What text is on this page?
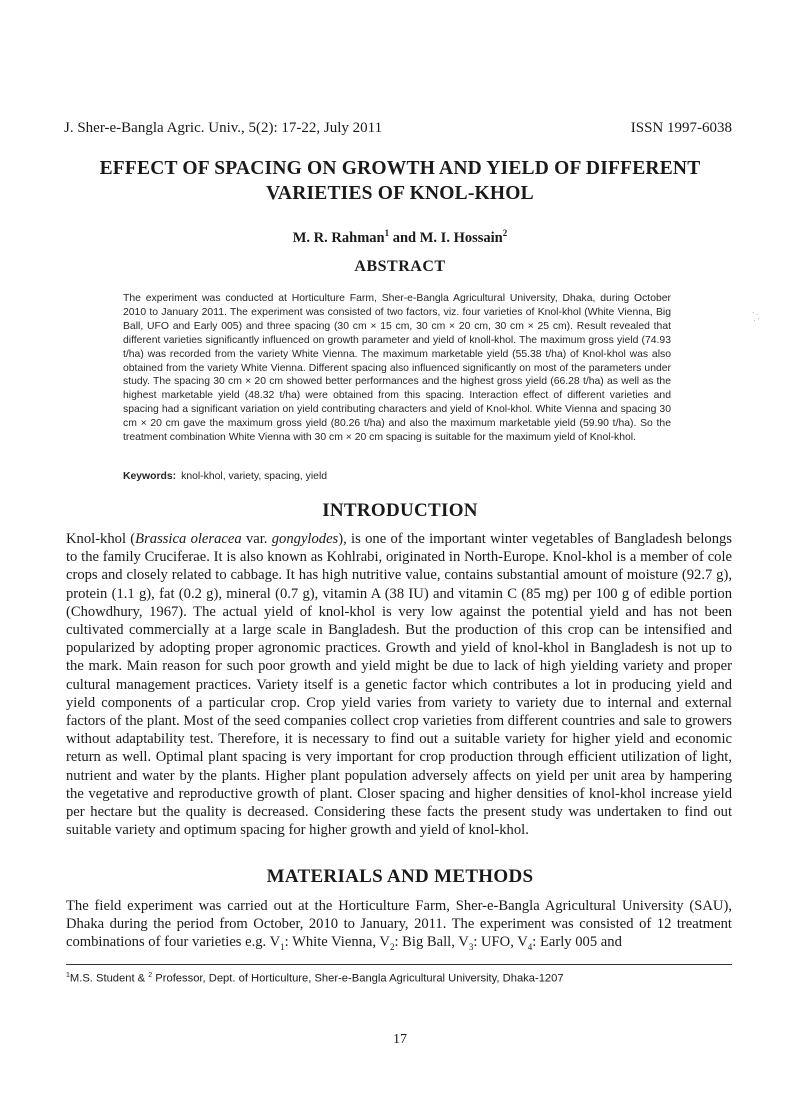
J. Sher-e-Bangla Agric. Univ., 5(2): 17-22, July 2011	ISSN 1997-6038
EFFECT OF SPACING ON GROWTH AND YIELD OF DIFFERENT
VARIETIES OF KNOL-KHOL
M. R. Rahman$^1$ and M. I. Hossain$^2$
ABSTRACT
The experiment was conducted at Horticulture Farm, Sher-e-Bangla Agricultural University, Dhaka, during October 2010 to January 2011. The experiment was consisted of two factors, viz. four varieties of Knol-khol (White Vienna, Big Ball, UFO and Early 005) and three spacing (30 cm × 15 cm, 30 cm × 20 cm, 30 cm × 25 cm). Result revealed that different varieties significantly influenced on growth parameter and yield of knoll-khol. The maximum gross yield (74.93 t/ha) was recorded from the variety White Vienna. The maximum marketable yield (55.38 t/ha) of Knol-khol was also obtained from the variety White Vienna. Different spacing also influenced significantly on most of the parameters under study. The spacing 30 cm × 20 cm showed better performances and the highest gross yield (66.28 t/ha) as well as the highest marketable yield (48.32 t/ha) were obtained from this spacing. Interaction effect of different varieties and spacing had a significant variation on yield contributing characters and yield of Knol-khol. White Vienna and spacing 30 cm × 20 cm gave the maximum gross yield (80.26 t/ha) and also the maximum marketable yield (59.90 t/ha). So the treatment combination White Vienna with 30 cm × 20 cm spacing is suitable for the maximum yield of Knol-khol.
Keywords: knol-khol, variety, spacing, yield
INTRODUCTION
Knol-khol (Brassica oleracea var. gongylodes), is one of the important winter vegetables of Bangladesh belongs to the family Cruciferae. It is also known as Kohlrabi, originated in North-Europe. Knol-khol is a member of cole crops and closely related to cabbage. It has high nutritive value, contains substantial amount of moisture (92.7 g), protein (1.1 g), fat (0.2 g), mineral (0.7 g), vitamin A (38 IU) and vitamin C (85 mg) per 100 g of edible portion (Chowdhury, 1967). The actual yield of knol-khol is very low against the potential yield and has not been cultivated commercially at a large scale in Bangladesh. But the production of this crop can be intensified and popularized by adopting proper agronomic practices. Growth and yield of knol-khol in Bangladesh is not up to the mark. Main reason for such poor growth and yield might be due to lack of high yielding variety and proper cultural management practices. Variety itself is a genetic factor which contributes a lot in producing yield and yield components of a particular crop. Crop yield varies from variety to variety due to internal and external factors of the plant. Most of the seed companies collect crop varieties from different countries and sale to growers without adaptability test. Therefore, it is necessary to find out a suitable variety for higher yield and economic return as well. Optimal plant spacing is very important for crop production through efficient utilization of light, nutrient and water by the plants. Higher plant population adversely affects on yield per unit area by hampering the vegetative and reproductive growth of plant. Closer spacing and higher densities of knol-khol increase yield per hectare but the quality is decreased. Considering these facts the present study was undertaken to find out suitable variety and optimum spacing for higher growth and yield of knol-khol.
MATERIALS AND METHODS
The field experiment was carried out at the Horticulture Farm, Sher-e-Bangla Agricultural University (SAU), Dhaka during the period from October, 2010 to January, 2011. The experiment was consisted of 12 treatment combinations of four varieties e.g. $V_1$: White Vienna, $V_2$: Big Ball, $V_3$: UFO, $V_4$: Early 005 and
$^1$M.S. Student & $^2$ Professor, Dept. of Horticulture, Sher-e-Bangla Agricultural University, Dhaka-1207
17
· .
. ·
